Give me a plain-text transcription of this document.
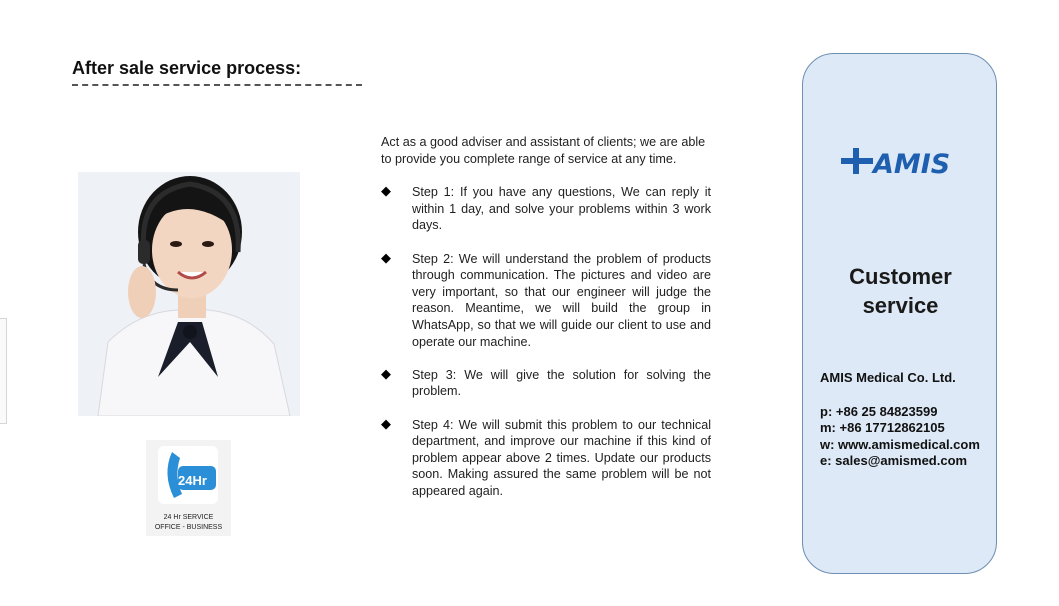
After sale service process:
24Hr
24 Hr SERVICE
OFFICE - BUSINESS

Act as a good adviser and assistant of clients; we are able to provide you complete range of service at any time.

◆ Step 1: If you have any questions, We can reply it within 1 day, and solve your problems within 3 work days.
◆ Step 2: We will understand the problem of products through communication. The pictures and video are very important, so that our engineer will judge the reason. Meantime, we will build the group in WhatsApp, so that we will guide our client to use and operate our machine.
◆ Step 3: We will give the solution for solving the problem.
◆ Step 4: We will submit this problem to our technical department, and improve our machine if this kind of problem appear above 2 times. Update our products soon. Making assured the same problem will be not appeared again.
AMIS
Customer
service
AMIS Medical Co. Ltd.
p: +86 25 84823599
m: +86 17712862105
w: www.amismedical.com
e: sales@amismed.com
